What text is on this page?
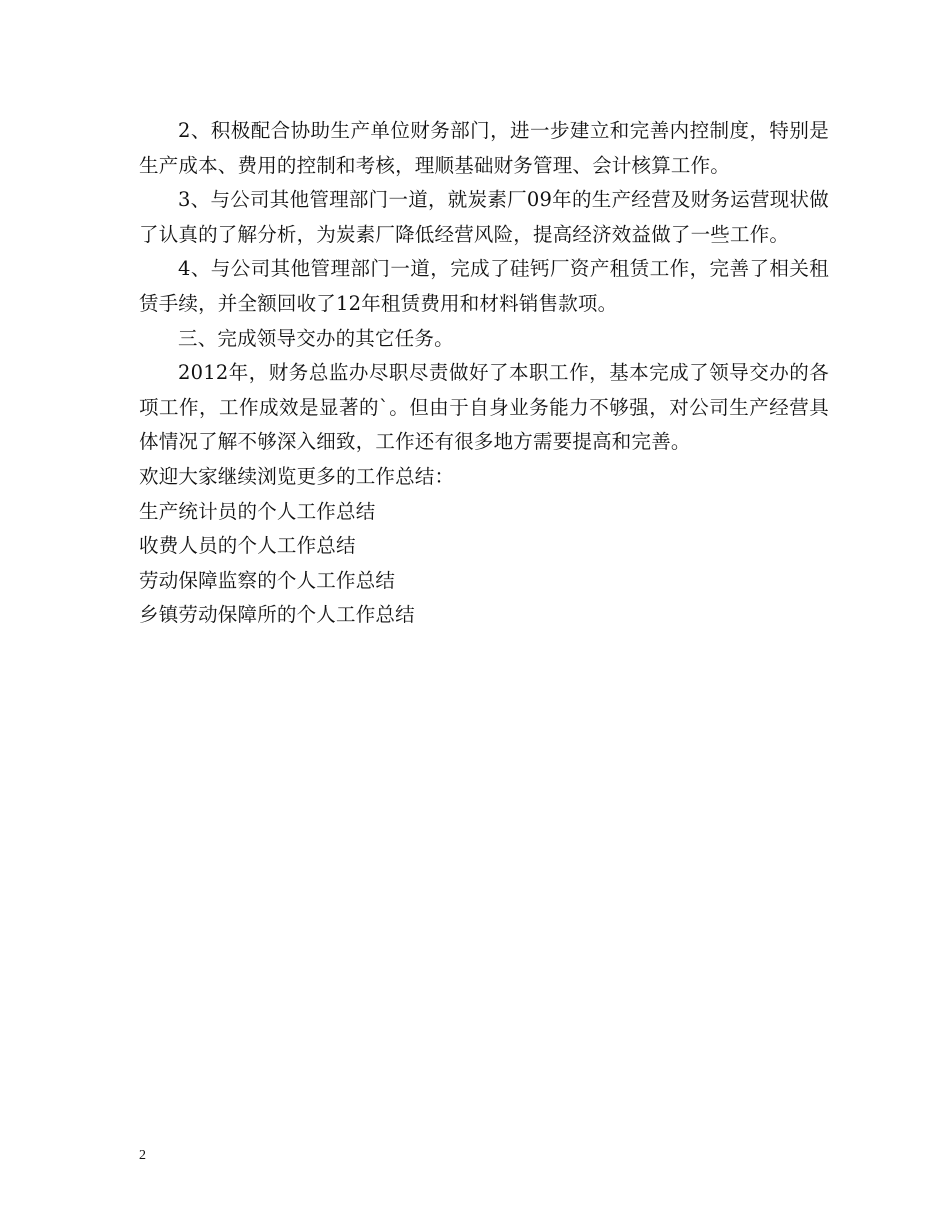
2、积极配合协助生产单位财务部门，进一步建立和完善内控制度，特别是生产成本、费用的控制和考核，理顺基础财务管理、会计核算工作。

3、与公司其他管理部门一道，就炭素厂09年的生产经营及财务运营现状做了认真的了解分析，为炭素厂降低经营风险，提高经济效益做了一些工作。

4、与公司其他管理部门一道，完成了硅钙厂资产租赁工作，完善了相关租赁手续，并全额回收了12年租赁费用和材料销售款项。

三、完成领导交办的其它任务。

2012年，财务总监办尽职尽责做好了本职工作，基本完成了领导交办的各项工作，工作成效是显著的`。但由于自身业务能力不够强，对公司生产经营具体情况了解不够深入细致，工作还有很多地方需要提高和完善。

欢迎大家继续浏览更多的工作总结：

生产统计员的个人工作总结

收费人员的个人工作总结

劳动保障监察的个人工作总结

乡镇劳动保障所的个人工作总结

2
